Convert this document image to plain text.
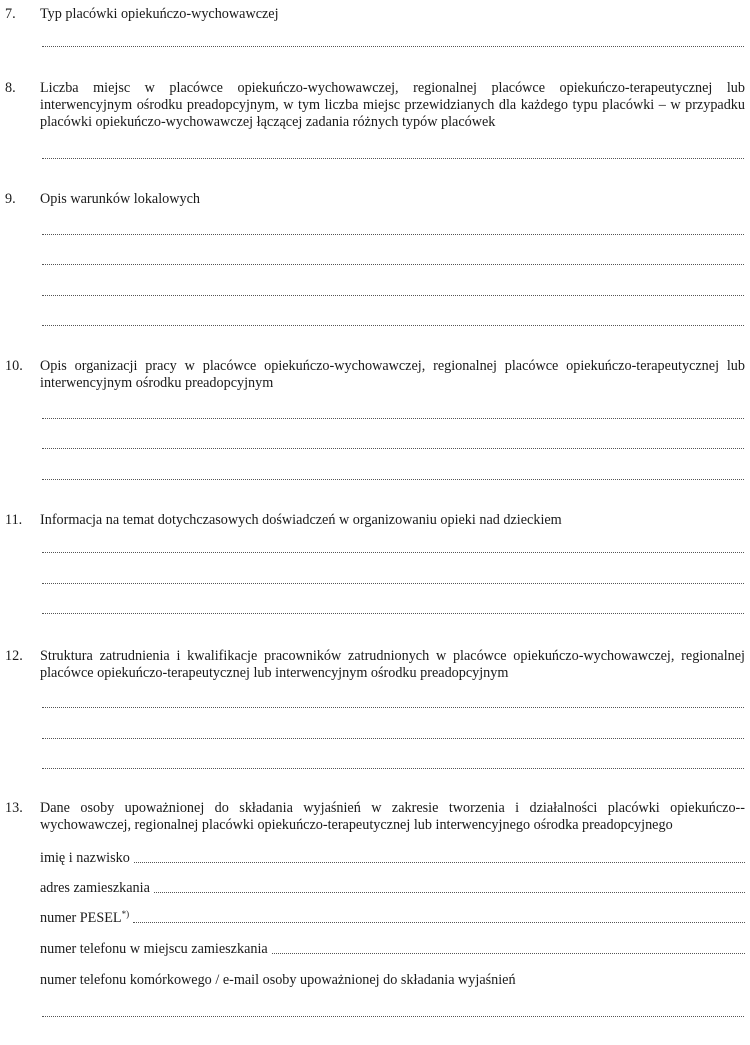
7. Typ placówki opiekuńczo-wychowawczej
8. Liczba miejsc w placówce opiekuńczo-wychowawczej, regionalnej placówce opiekuńczo-terapeutycznej lub interwencyjnym ośrodku preadopcyjnym, w tym liczba miejsc przewidzianych dla każdego typu placówki – w przypadku placówki opiekuńczo-wychowawczej łączącej zadania różnych typów placówek
9. Opis warunków lokalowych
10. Opis organizacji pracy w placówce opiekuńczo-wychowawczej, regionalnej placówce opiekuńczo-terapeutycznej lub interwencyjnym ośrodku preadopcyjnym
11. Informacja na temat dotychczasowych doświadczeń w organizowaniu opieki nad dzieckiem
12. Struktura zatrudnienia i kwalifikacje pracowników zatrudnionych w placówce opiekuńczo-wychowawczej, regionalnej placówce opiekuńczo-terapeutycznej lub interwencyjnym ośrodku preadopcyjnym
13. Dane osoby upoważnionej do składania wyjaśnień w zakresie tworzenia i działalności placówki opiekuńczo--wychowawczej, regionalnej placówki opiekuńczo-terapeutycznej lub interwencyjnego ośrodka preadopcyjnego
imię i nazwisko
adres zamieszkania
numer PESEL*)
numer telefonu w miejscu zamieszkania
numer telefonu komórkowego / e-mail osoby upoważnionej do składania wyjaśnień
